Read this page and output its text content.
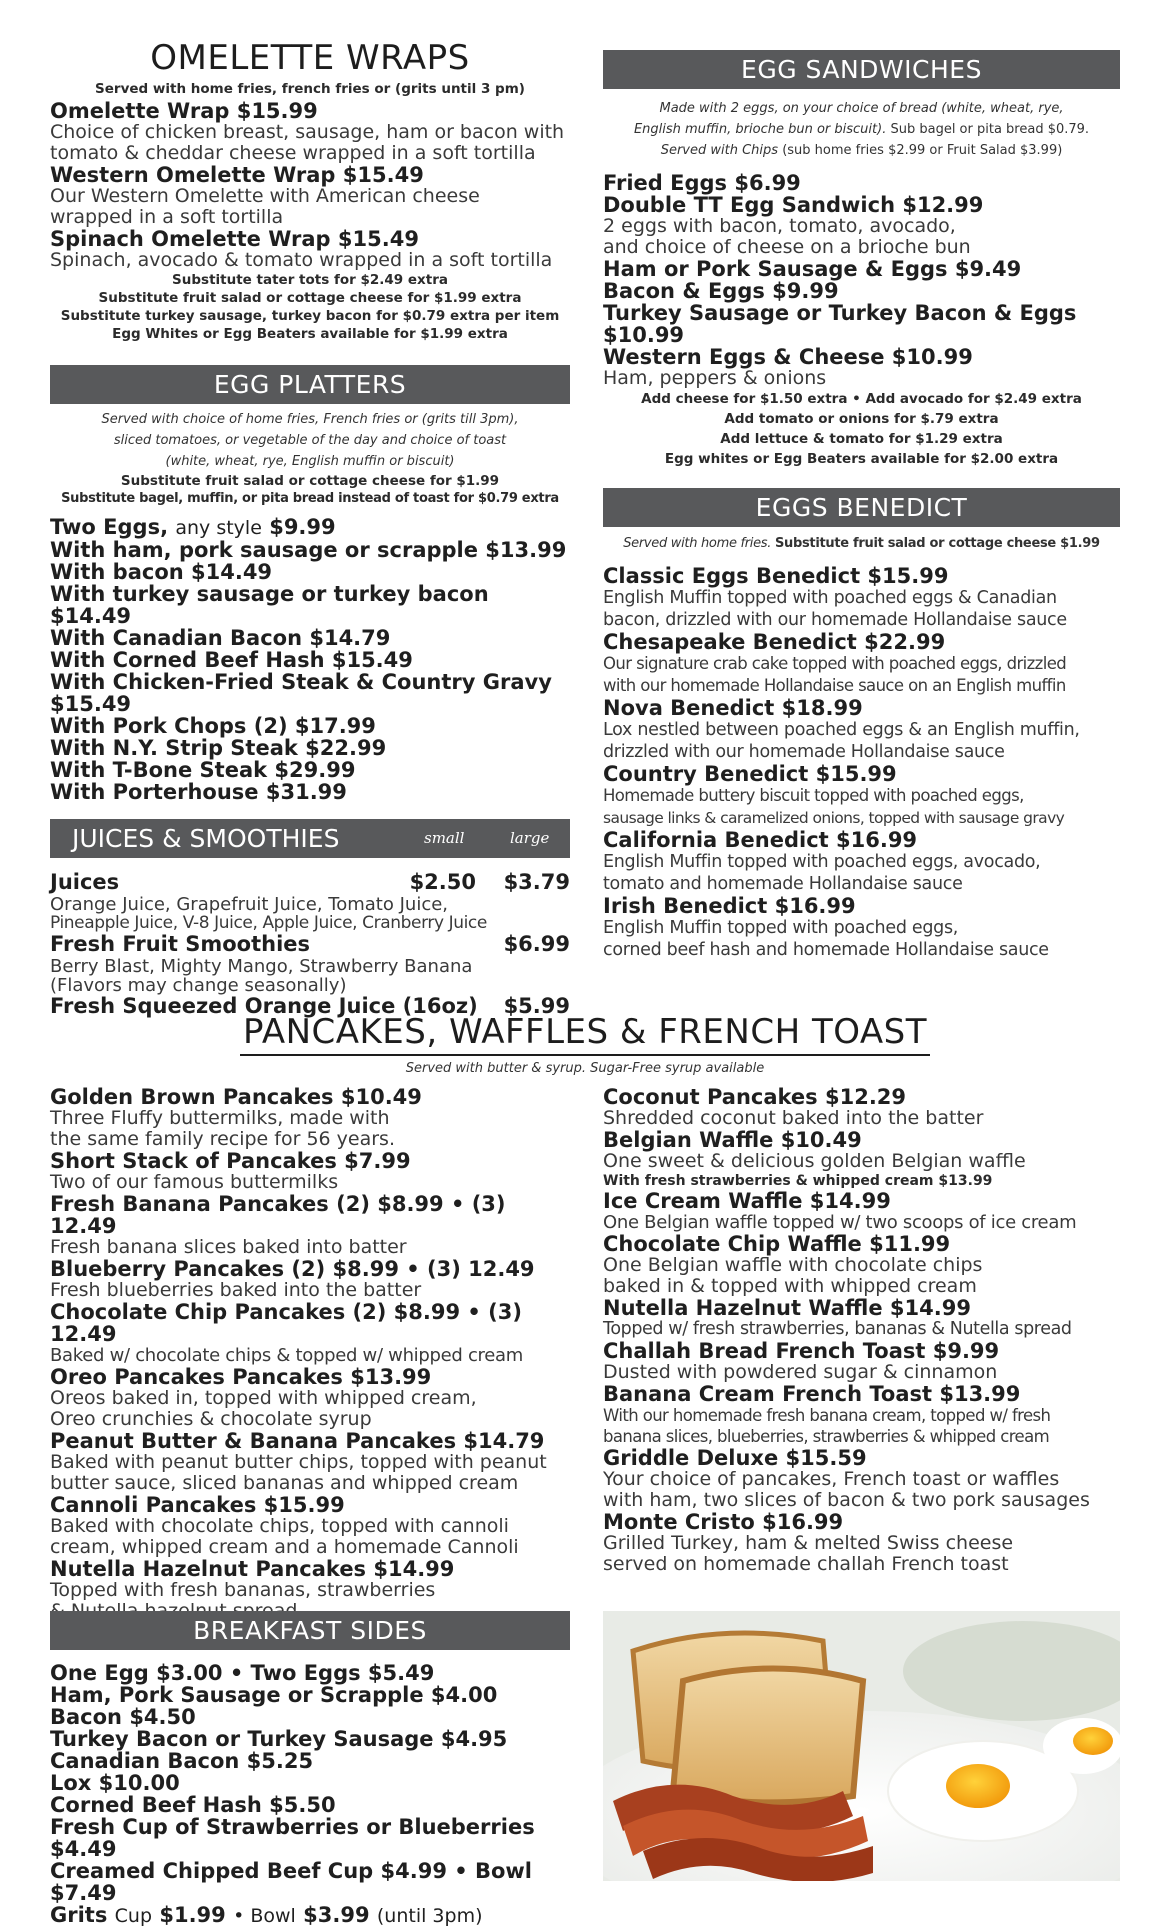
OMELETTE WRAPS
Served with home fries, french fries or (grits until 3 pm)
Omelette Wrap $15.99
Choice of chicken breast, sausage, ham or bacon with
tomato & cheddar cheese wrapped in a soft tortilla
Western Omelette Wrap $15.49
Our Western Omelette with American cheese
wrapped in a soft tortilla
Spinach Omelette Wrap $15.49
Spinach, avocado & tomato wrapped in a soft tortilla
Substitute tater tots for $2.49 extra
Substitute fruit salad or cottage cheese for $1.99 extra
Substitute turkey sausage, turkey bacon for $0.79 extra per item
Egg Whites or Egg Beaters available for $1.99 extra
EGG PLATTERS
Served with choice of home fries, French fries or (grits till 3pm),
sliced tomatoes, or vegetable of the day and choice of toast
(white, wheat, rye, English muffin or biscuit)
Substitute fruit salad or cottage cheese for $1.99
Substitute bagel, muffin, or pita bread instead of toast for $0.79 extra
Two Eggs, any style $9.99
With ham, pork sausage or scrapple $13.99
With bacon $14.49
With turkey sausage or turkey bacon $14.49
With Canadian Bacon $14.79
With Corned Beef Hash $15.49
With Chicken-Fried Steak & Country Gravy $15.49
With Pork Chops (2) $17.99
With N.Y. Strip Steak $22.99
With T-Bone Steak $29.99
With Porterhouse $31.99
JUICES & SMOOTHIES	small	large
Juices	$2.50 $3.79
Orange Juice, Grapefruit Juice, Tomato Juice,
Pineapple Juice, V-8 Juice, Apple Juice, Cranberry Juice
Fresh Fruit Smoothies	$6.99
Berry Blast, Mighty Mango, Strawberry Banana
(Flavors may change seasonally)
Fresh Squeezed Orange Juice (16oz) $5.99
EGG SANDWICHES
Made with 2 eggs, on your choice of bread (white, wheat, rye,
English muffin, brioche bun or biscuit). Sub bagel or pita bread $0.79.
Served with Chips (sub home fries $2.99 or Fruit Salad $3.99)
Fried Eggs $6.99
Double TT Egg Sandwich $12.99
2 eggs with bacon, tomato, avocado,
and choice of cheese on a brioche bun
Ham or Pork Sausage & Eggs $9.49
Bacon & Eggs $9.99
Turkey Sausage or Turkey Bacon & Eggs $10.99
Western Eggs & Cheese $10.99
Ham, peppers & onions
Add cheese for $1.50 extra • Add avocado for $2.49 extra
Add tomato or onions for $.79 extra
Add lettuce & tomato for $1.29 extra
Egg whites or Egg Beaters available for $2.00 extra
EGGS BENEDICT
Served with home fries. Substitute fruit salad or cottage cheese $1.99
Classic Eggs Benedict $15.99
English Muffin topped with poached eggs & Canadian
bacon, drizzled with our homemade Hollandaise sauce
Chesapeake Benedict $22.99
Our signature crab cake topped with poached eggs, drizzled
with our homemade Hollandaise sauce on an English muffin
Nova Benedict $18.99
Lox nestled between poached eggs & an English muffin,
drizzled with our homemade Hollandaise sauce
Country Benedict $15.99
Homemade buttery biscuit topped with poached eggs,
sausage links & caramelized onions, topped with sausage gravy
California Benedict $16.99
English Muffin topped with poached eggs, avocado,
tomato and homemade Hollandaise sauce
Irish Benedict $16.99
English Muffin topped with poached eggs,
corned beef hash and homemade Hollandaise sauce
PANCAKES, WAFFLES & FRENCH TOAST
Served with butter & syrup. Sugar-Free syrup available
Golden Brown Pancakes $10.49
Three Fluffy buttermilks, made with
the same family recipe for 56 years.
Short Stack of Pancakes $7.99
Two of our famous buttermilks
Fresh Banana Pancakes (2) $8.99 • (3) 12.49
Fresh banana slices baked into batter
Blueberry Pancakes (2) $8.99 • (3) 12.49
Fresh blueberries baked into the batter
Chocolate Chip Pancakes (2) $8.99 • (3) 12.49
Baked w/ chocolate chips & topped w/ whipped cream
Oreo Pancakes Pancakes $13.99
Oreos baked in, topped with whipped cream,
Oreo crunchies & chocolate syrup
Peanut Butter & Banana Pancakes $14.79
Baked with peanut butter chips, topped with peanut
butter sauce, sliced bananas and whipped cream
Cannoli Pancakes $15.99
Baked with chocolate chips, topped with cannoli
cream, whipped cream and a homemade Cannoli
Nutella Hazelnut Pancakes $14.99
Topped with fresh bananas, strawberries
Coconut Pancakes $12.29
Shredded coconut baked into the batter
Belgian Waffle $10.49
One sweet & delicious golden Belgian waffle
With fresh strawberries & whipped cream $13.99
Ice Cream Waffle $14.99
One Belgian waffle topped w/ two scoops of ice cream
Chocolate Chip Waffle $11.99
One Belgian waffle with chocolate chips
baked in & topped with whipped cream
Nutella Hazelnut Waffle $14.99
Topped w/ fresh strawberries, bananas & Nutella spread
Challah Bread French Toast $9.99
Dusted with powdered sugar & cinnamon
Banana Cream French Toast $13.99
With our homemade fresh banana cream, topped w/ fresh
banana slices, blueberries, strawberries & whipped cream
Griddle Deluxe $15.59
Your choice of pancakes, French toast or waffles
with ham, two slices of bacon & two pork sausages
Monte Cristo $16.99
Grilled Turkey, ham & melted Swiss cheese
served on homemade challah French toast
BREAKFAST SIDES
One Egg $3.00 • Two Eggs $5.49
Ham, Pork Sausage or Scrapple $4.00
Bacon $4.50
Turkey Bacon or Turkey Sausage $4.95
Canadian Bacon $5.25
Lox $10.00
Corned Beef Hash $5.50
Fresh Cup of Strawberries or Blueberries $4.49
Creamed Chipped Beef Cup $4.99 • Bowl $7.49
Grits Cup $1.99 • Bowl $3.99 (until 3pm)
